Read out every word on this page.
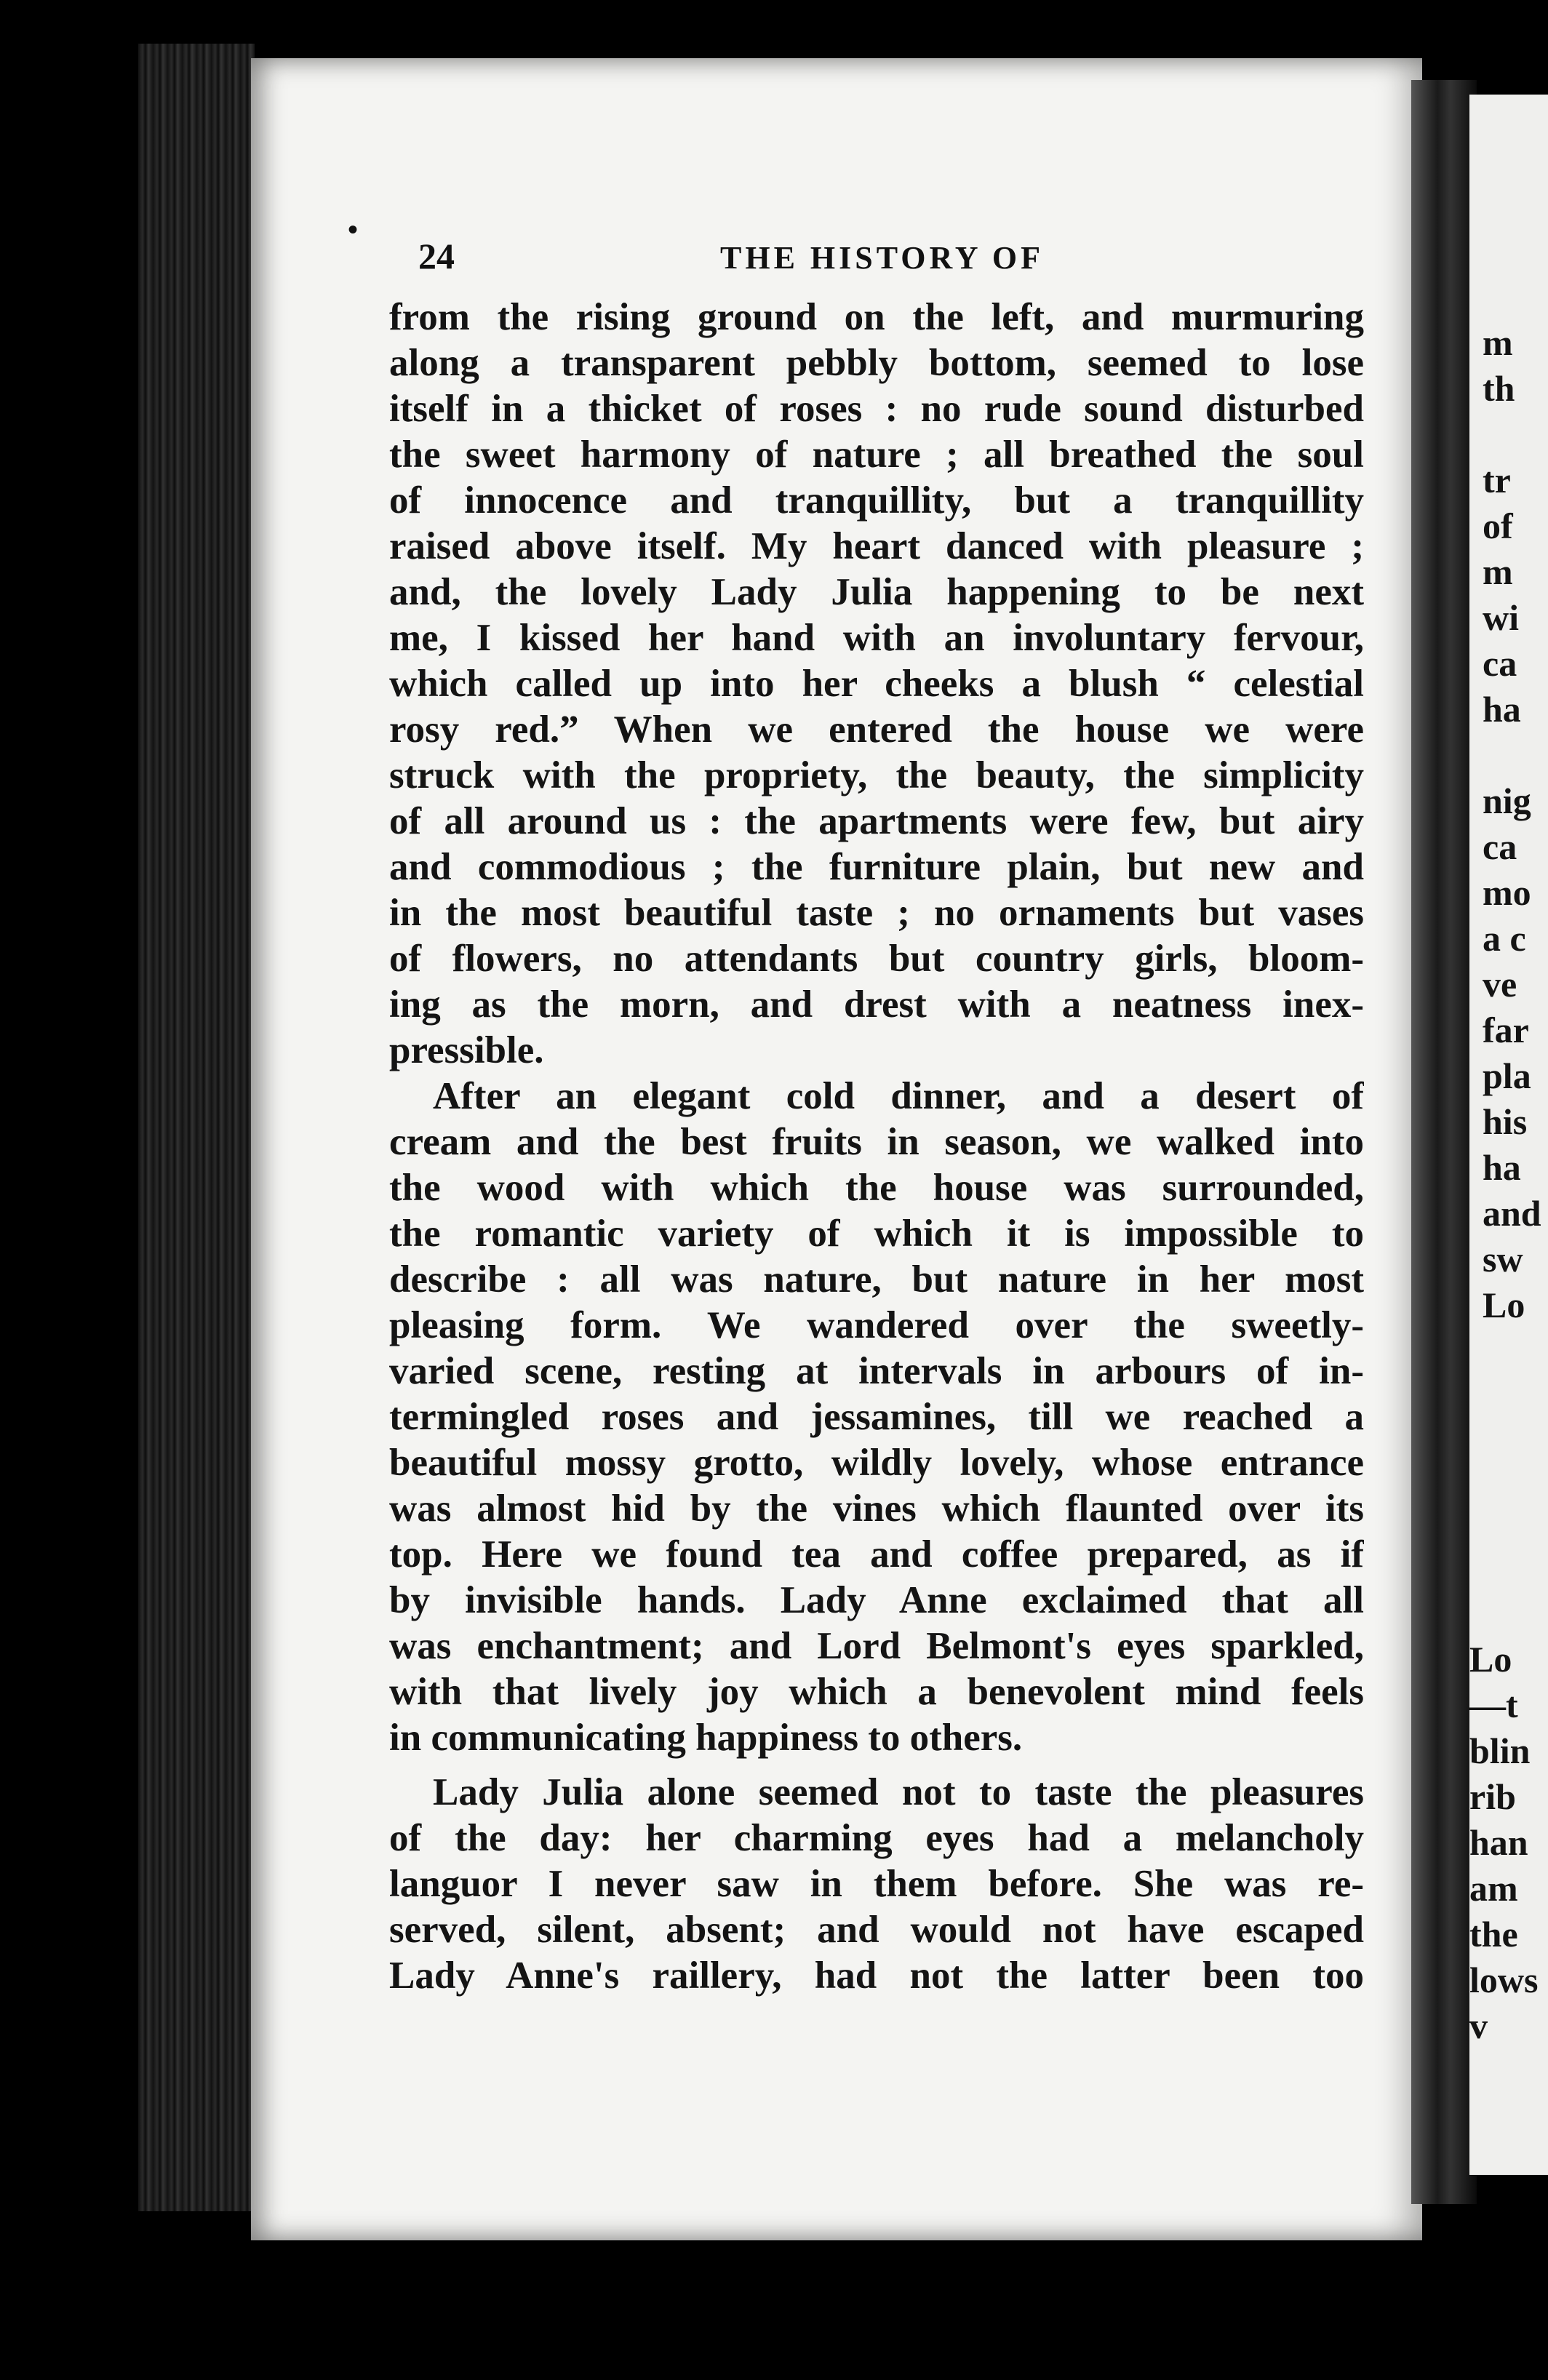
•
24	THE HISTORY OF
from the rising ground on the left, and murmuring
along a transparent pebbly bottom, seemed to lose
itself in a thicket of roses : no rude sound disturbed
the sweet harmony of nature ; all breathed the soul
of innocence and tranquillity, but a tranquillity
raised above itself. My heart danced with pleasure ;
and, the lovely Lady Julia happening to be next
me, I kissed her hand with an involuntary fervour,
which called up into her cheeks a blush “ celestial
rosy red.” When we entered the house we were
struck with the propriety, the beauty, the simplicity
of all around us : the apartments were few, but airy
and commodious ; the furniture plain, but new and
in the most beautiful taste ; no ornaments but vases
of flowers, no attendants but country girls, bloom-
ing as the morn, and drest with a neatness inex-
pressible.
After an elegant cold dinner, and a desert of
cream and the best fruits in season, we walked into
the wood with which the house was surrounded,
the romantic variety of which it is impossible to
describe : all was nature, but nature in her most
pleasing form. We wandered over the sweetly-
varied scene, resting at intervals in arbours of in-
termingled roses and jessamines, till we reached a
beautiful mossy grotto, wildly lovely, whose entrance
was almost hid by the vines which flaunted over its
top. Here we found tea and coffee prepared, as if
by invisible hands. Lady Anne exclaimed that all
was enchantment; and Lord Belmont's eyes sparkled,
with that lively joy which a benevolent mind feels
in communicating happiness to others.
Lady Julia alone seemed not to taste the pleasures
of the day: her charming eyes had a melancholy
languor I never saw in them before. She was re-
served, silent, absent; and would not have escaped
Lady Anne's raillery, had not the latter been too
m
th
tr
of
m
wi
ca
ha
nig
ca
mo
a c
ve
far
pla
his
ha
and
sw
Lo
Lo
—t
blin
rib
han
am
the
lows
v
